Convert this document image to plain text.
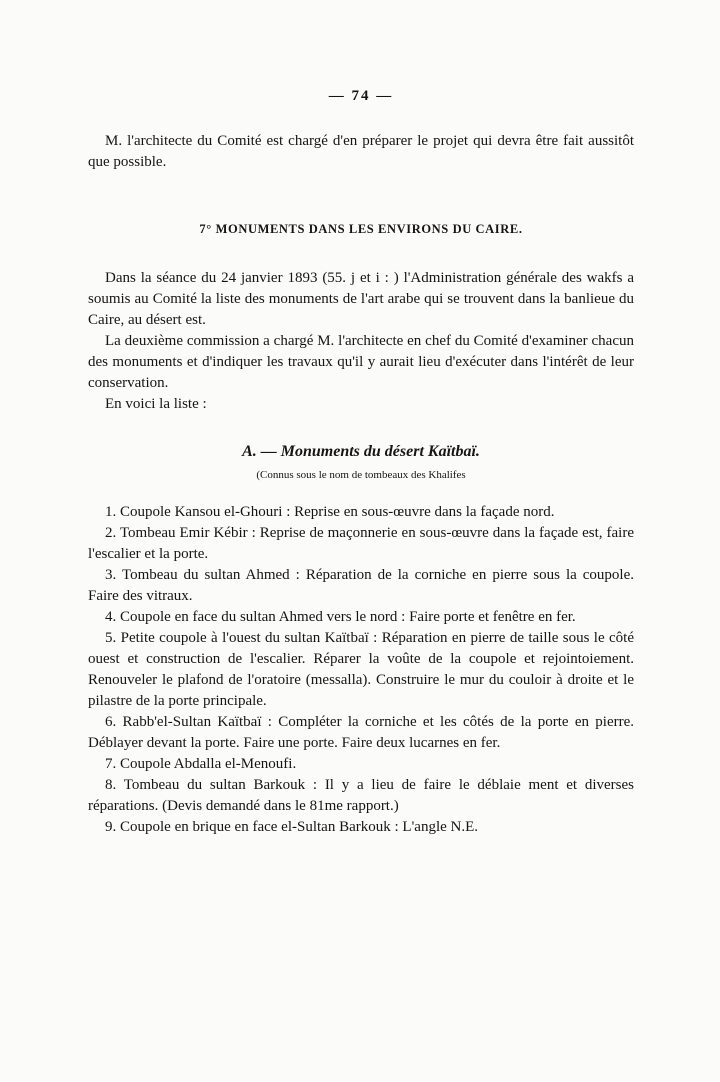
— 74 —

M. l'architecte du Comité est chargé d'en préparer le projet qui devra être fait aussitôt que possible.

7° MONUMENTS DANS LES ENVIRONS DU CAIRE.

Dans la séance du 24 janvier 1893 (55. j et i : ) l'Administration générale des wakfs a soumis au Comité la liste des monuments de l'art arabe qui se trouvent dans la banlieue du Caire, au désert est.

La deuxième commission a chargé M. l'architecte en chef du Comité d'examiner chacun des monuments et d'indiquer les travaux qu'il y aurait lieu d'exécuter dans l'intérêt de leur conservation.

En voici la liste :

A. — Monuments du désert Kaïtbaï.

(Connus sous le nom de tombeaux des Khalifes

1. Coupole Kansou el-Ghouri : Reprise en sous-œuvre dans la façade nord.

2. Tombeau Emir Kébir : Reprise de maçonnerie en sous-œuvre dans la façade est, faire l'escalier et la porte.

3. Tombeau du sultan Ahmed : Réparation de la corniche en pierre sous la coupole. Faire des vitraux.

4. Coupole en face du sultan Ahmed vers le nord : Faire porte et fenêtre en fer.

5. Petite coupole à l'ouest du sultan Kaïtbaï : Réparation en pierre de taille sous le côté ouest et construction de l'escalier. Réparer la voûte de la coupole et rejointoiement. Renouveler le plafond de l'oratoire (messalla). Construire le mur du couloir à droite et le pilastre de la porte principale.

6. Rabb'el-Sultan Kaïtbaï : Compléter la corniche et les côtés de la porte en pierre. Déblayer devant la porte. Faire une porte. Faire deux lucarnes en fer.

7. Coupole Abdalla el-Menoufi.

8. Tombeau du sultan Barkouk : Il y a lieu de faire le déblaie ment et diverses réparations. (Devis demandé dans le 81me rapport.)

9. Coupole en brique en face el-Sultan Barkouk : L'angle N.E.
